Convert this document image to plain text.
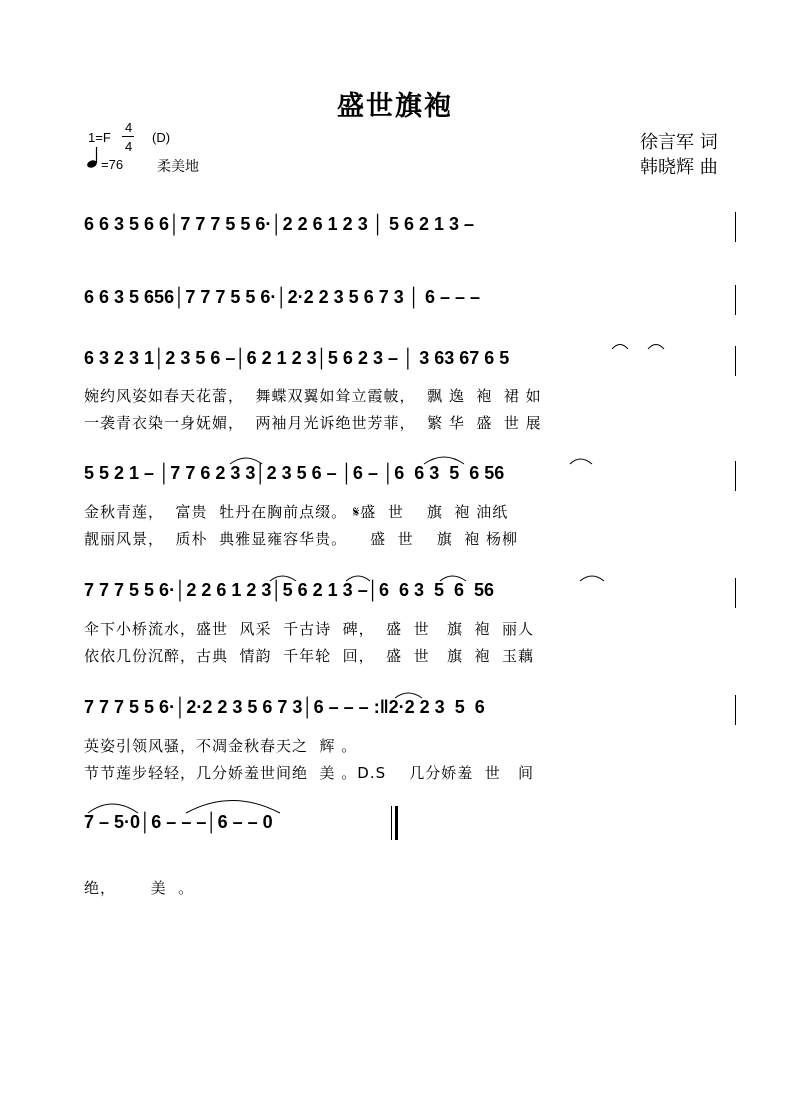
盛世旗袍
1=F
4
4
(D)
=76 柔美地
徐言军 词
韩晓辉 曲
6 6 3 5 6 6│7 7 7 5 5 6·│2 2 6 1 2 3 │ 5 6 2 1 3 –
6 6 3 5 656│7 7 7 5 5 6·│2·2 2 3 5 6 7 3 │ 6 – – –
6 3 2 3 1│2 3 5 6 –│6 2 1 2 3│5 6 2 3 – │ 3 63 67 6 5
婉约风姿如春天花蕾，  舞蝶双翼如耸立霞帔，  飘 逸  袍  裙 如
一袭青衣染一身妩媚，  两袖月光诉绝世芳菲，  繁 华  盛  世 展
5 5 2 1 – │7 7 6 2 3 3│2 3 5 6 – │6 – │6  6 3  5  6 56
金秋青莲，  富贵  牡丹在胸前点缀。 𝄋盛  世    旗  袍 油纸
靓丽风景，  质朴  典雅显雍容华贵。    盛  世    旗  袍 杨柳
7 7 7 5 5 6·│2 2 6 1 2 3│5 6 2 1 3 –│6  6 3  5  6  56
伞下小桥流水，盛世  风采  千古诗  碑，  盛  世   旗  袍  丽人
依依几份沉醉，古典  情韵  千年轮  回，  盛  世   旗  袍  玉藕
7 7 7 5 5 6·│2·2 2 3 5 6 7 3│6 – – – :‖2·2 2 3  5  6
英姿引领风骚，不凋金秋春天之  辉 。
节节莲步轻轻，几分娇羞世间绝  美 。D.S    几分娇羞  世   间
7 – 5·0│6 – – –│6 – – 0
绝，      美  。
